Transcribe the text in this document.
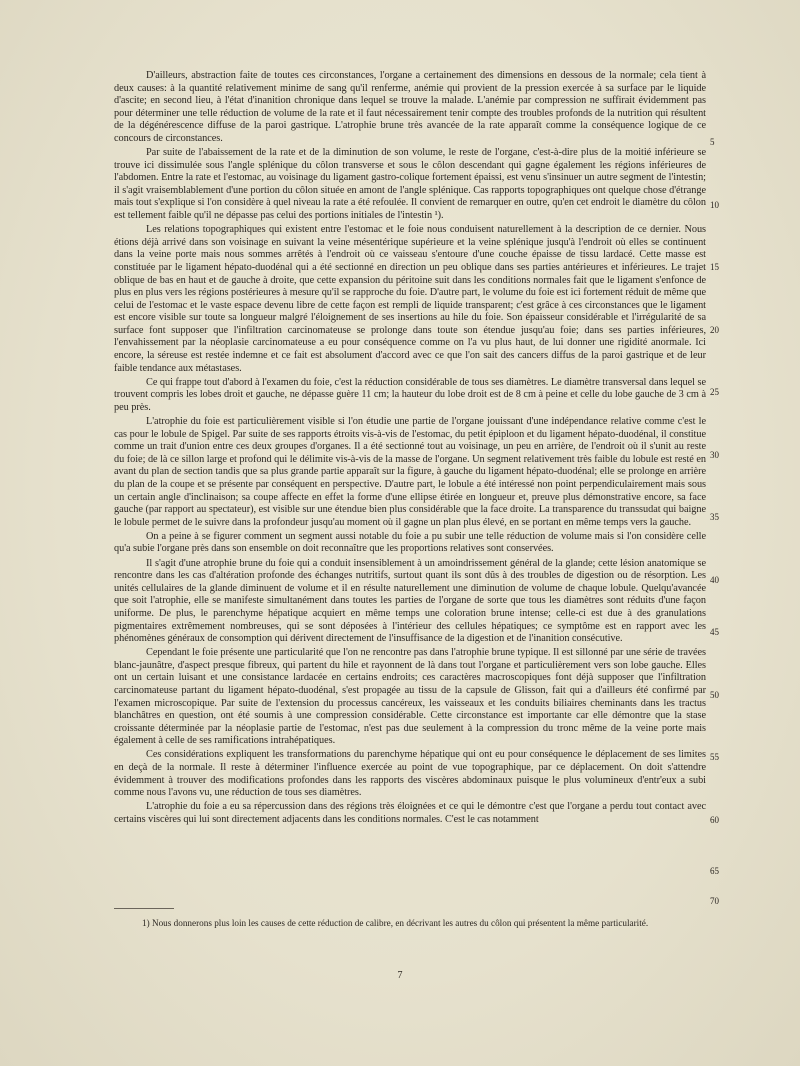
D'ailleurs, abstraction faite de toutes ces circonstances, l'organe a certainement des dimensions en dessous de la normale; cela tient à deux causes: à la quantité relativement minime de sang qu'il renferme, anémie qui provient de la pression exercée à sa surface par le liquide d'ascite; en second lieu, à l'état d'inanition chronique dans lequel se trouve la malade. L'anémie par compression ne suffirait évidemment pas pour déterminer une telle réduction de volume de la rate et il faut nécessairement tenir compte des troubles profonds de la nutrition qui résultent de la dégénérescence diffuse de la paroi gastrique. L'atrophie brune très avancée de la rate apparaît comme la conséquence logique de ce concours de circonstances.

Par suite de l'abaissement de la rate et de la diminution de son volume, le reste de l'organe, c'est-à-dire plus de la moitié inférieure se trouve ici dissimulée sous l'angle splénique du côlon transverse et sous le côlon descendant qui gagne également les régions inférieures de l'abdomen. Entre la rate et l'estomac, au voisinage du ligament gastro-colique fortement épaissi, est venu s'insinuer un autre segment de l'intestin; il s'agit vraisemblablement d'une portion du côlon située en amont de l'angle splénique. Cas rapports topographiques ont quelque chose d'étrange mais tout s'explique si l'on considère à quel niveau la rate a été refoulée. Il convient de remarquer en outre, qu'en cet endroit le diamètre du côlon est tellement faible qu'il ne dépasse pas celui des portions initiales de l'intestin ¹).

Les relations topographiques qui existent entre l'estomac et le foie nous conduisent naturellement à la description de ce dernier. Nous étions déjà arrivé dans son voisinage en suivant la veine mésentérique supérieure et la veine splénique jusqu'à l'endroit où elles se continuent dans la veine porte mais nous sommes arrêtés à l'endroit où ce vaisseau s'entoure d'une couche épaisse de tissu lardacé. Cette masse est constituée par le ligament hépato-duodénal qui a été sectionné en direction un peu oblique dans ses parties antérieures et inférieures. Le trajet oblique de bas en haut et de gauche à droite, que cette expansion du péritoine suit dans les conditions normales fait que le ligament s'enfonce de plus en plus vers les régions postérieures à mesure qu'il se rapproche du foie. D'autre part, le volume du foie est ici fortement réduit de même que celui de l'estomac et le vaste espace devenu libre de cette façon est rempli de liquide transparent; c'est grâce à ces circonstances que le ligament est encore visible sur toute sa longueur malgré l'éloignement de ses insertions au hile du foie. Son épaisseur considérable et l'irrégularité de sa surface font supposer que l'infiltration carcinomateuse se prolonge dans toute son étendue jusqu'au foie; dans ses parties inférieures, l'envahissement par la néoplasie carcinomateuse a eu pour conséquence comme on l'a vu plus haut, de lui donner une rigidité anormale. Ici encore, la séreuse est restée indemne et ce fait est absolument d'accord avec ce que l'on sait des cancers diffus de la paroi gastrique et de leur faible tendance aux métastases.

Ce qui frappe tout d'abord à l'examen du foie, c'est la réduction considérable de tous ses diamètres. Le diamètre transversal dans lequel se trouvent compris les lobes droit et gauche, ne dépasse guère 11 cm; la hauteur du lobe droit est de 8 cm à peine et celle du lobe gauche de 3 cm à peu près.

L'atrophie du foie est particulièrement visible si l'on étudie une partie de l'organe jouissant d'une indépendance relative comme c'est le cas pour le lobule de Spigel. Par suite de ses rapports étroits vis-à-vis de l'estomac, du petit épiploon et du ligament hépato-duodénal, il constitue comme un trait d'union entre ces deux groupes d'organes. Il a été sectionné tout au voisinage, un peu en arrière, de l'endroit où il s'unit au reste du foie; de là ce sillon large et profond qui le délimite vis-à-vis de la masse de l'organe. Un segment relativement très faible du lobule est resté en avant du plan de section tandis que sa plus grande partie apparaît sur la figure, à gauche du ligament hépato-duodénal; elle se prolonge en arrière du plan de la coupe et se présente par conséquent en perspective. D'autre part, le lobule a été intéressé non point perpendiculairement mais sous un certain angle d'inclinaison; sa coupe affecte en effet la forme d'une ellipse étirée en longueur et, preuve plus démonstrative encore, sa face gauche (par rapport au spectateur), est visible sur une étendue bien plus considérable que la face droite. La transparence du transsudat qui baigne le lobule permet de le suivre dans la profondeur jusqu'au moment où il gagne un plan plus élevé, en se portant en même temps vers la gauche.

On a peine à se figurer comment un segment aussi notable du foie a pu subir une telle réduction de volume mais si l'on considère celle qu'a subie l'organe près dans son ensemble on doit reconnaître que les proportions relatives sont conservées.

Il s'agit d'une atrophie brune du foie qui a conduit insensiblement à un amoindrissement général de la glande; cette lésion anatomique se rencontre dans les cas d'altération profonde des échanges nutritifs, surtout quant ils sont dûs à des troubles de digestion ou de résorption. Les unités cellulaires de la glande diminuent de volume et il en résulte naturellement une diminution de volume de chaque lobule. Quelqu'avancée que soit l'atrophie, elle se manifeste simultanément dans toutes les parties de l'organe de sorte que tous les diamètres sont réduits d'une façon uniforme. De plus, le parenchyme hépatique acquiert en même temps une coloration brune intense; celle-ci est due à des granulations pigmentaires extrêmement nombreuses, qui se sont déposées à l'intérieur des cellules hépatiques; ce symptôme est en rapport avec les phénomènes généraux de consomption qui dérivent directement de l'insuffisance de la digestion et de l'inanition consécutive.

Cependant le foie présente une particularité que l'on ne rencontre pas dans l'atrophie brune typique. Il est sillonné par une série de travées blanc-jaunâtre, d'aspect presque fibreux, qui partent du hile et rayonnent de là dans tout l'organe et particulièrement vers son lobe gauche. Elles ont un certain luisant et une consistance lardacée en certains endroits; ces caractères macroscopiques font déjà supposer que l'infiltration carcinomateuse partant du ligament hépato-duodénal, s'est propagée au tissu de la capsule de Glisson, fait qui a d'ailleurs été confirmé par l'examen microscopique. Par suite de l'extension du processus cancéreux, les vaisseaux et les conduits biliaires cheminants dans les tractus blanchâtres en question, ont été soumis à une compression considérable. Cette circonstance est importante car elle démontre que la stase croissante déterminée par la néoplasie partie de l'estomac, n'est pas due seulement à la compression du tronc même de la veine porte mais également à celle de ses ramifications intrahépatiques.

Ces considérations expliquent les transformations du parenchyme hépatique qui ont eu pour conséquence le déplacement de ses limites en deçà de la normale. Il reste à déterminer l'influence exercée au point de vue topographique, par ce déplacement. On doit s'attendre évidemment à trouver des modifications profondes dans les rapports des viscères abdominaux puisque le plus volumineux d'entr'eux a subi comme nous l'avons vu, une réduction de tous ses diamètres.

L'atrophie du foie a eu sa répercussion dans des régions très éloignées et ce qui le démontre c'est que l'organe a perdu tout contact avec certains viscères qui lui sont directement adjacents dans les conditions normales. C'est le cas notamment

5
10
15
20
25
30
35
40
45
50
55
60
65
70
1) Nous donnerons plus loin les causes de cette réduction de calibre, en décrivant les autres du côlon qui présentent la même particularité.
7
